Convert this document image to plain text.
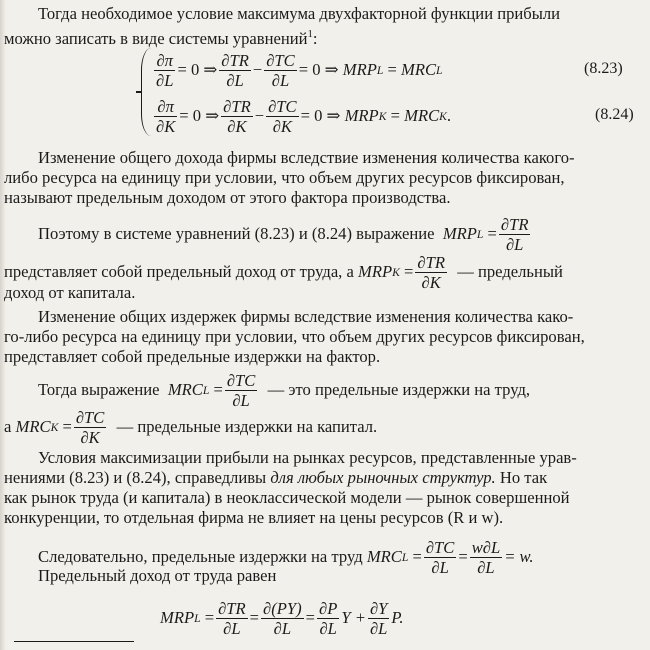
Тогда необходимое условие максимума двухфакторной функции прибыли
можно записать в виде системы уравнений$^1$:
$\frac{\partial\pi}{\partial L} = 0$ ⇒ $\frac{\partial TR}{\partial L} - \frac{\partial TC}{\partial L} = 0$ ⇒
MRP L
=
MRC L	(8.23)
$\frac{\partial\pi}{\partial K} = 0$ ⇒ $\frac{\partial TR}{\partial K} - \frac{\partial TC}{\partial K} = 0$ ⇒
MRP K
=
MRC K .	(8.24)
Изменение общего дохода фирмы вследствие изменения количества какого-
либо ресурса на единицу при условии, что объем других ресурсов фиксирован,
называют предельным доходом от этого фактора производства.
Поэтому в системе уравнений (8.23) и (8.24) выражение
MRP $L = \frac{\partial TR}{\partial L}$
представляет собой предельный доход от труда, а
MRP $K = \frac{\partial TR}{\partial K}$
— предельный
доход от капитала.
Изменение общих издержек фирмы вследствие изменения количества како-
го-либо ресурса на единицу при условии, что объем других ресурсов фиксирован,
представляет собой предельные издержки на фактор.
Тогда выражение
MRC $L = \frac{\partial TC}{\partial L}$
— это предельные издержки на труд,
а
MRC $K = \frac{\partial TC}{\partial K}$
— предельные издержки на капитал.
Условия максимизации прибыли на рынках ресурсов, представленные урав-
нениями (8.23) и (8.24), справедливы для любых рыночных структур. Но так
как рынок труда (и капитала) в неоклассической модели — рынок совершенной
конкуренции, то отдельная фирма не влияет на цены ресурсов (R и w).
Следовательно, предельные издержки на труд
MRC $L = \frac{\partial TC}{\partial L} = \frac{w\partial L}{\partial L} = w$.
Предельный доход от труда равен
MRP $L = \frac{\partial TR}{\partial L} = \frac{\partial(PY)}{\partial L} = \frac{\partial P}{\partial L}$ $Y + \frac{\partial Y}{\partial L} P$.
